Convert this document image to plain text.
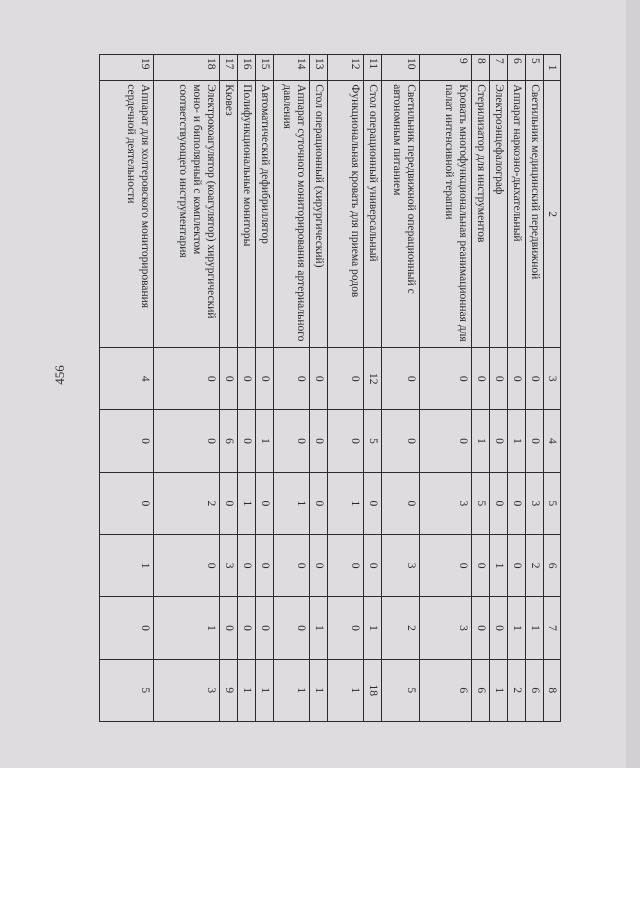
456
1	2	3	4	5	6	7	8
5	Светильник медицинский передвижной	0	0	3	2	1	6
6	Аппарат наркозно-дыхательный	0	1	0	0	1	2
7	Электроэнцефалограф	0	0	0	1	0	1
8	Стерилизатор для инструментов	0	1	5	0	0	6
9	Кровать многофункциональная реанимационная для палат интенсивной терапии	0	0	3	0	3	6
10	Светильник передвижной операционный с автономным питанием	0	0	0	3	2	5
11	Стол операционный универсальный	12	5	0	0	1	18
12	Функциональная кровать для приема родов	0	0	1	0	0	1
13	Стол операционный (хирургический)	0	0	0	0	1	1
14	Аппарат суточного мониторирования артериального давления	0	0	1	0	0	1
15	Автоматический дефибриллятор	0	1	0	0	0	1
16	Полифункциональные мониторы	0	0	1	0	0	1
17	Кювез	0	6	0	3	0	9
18	Электрокоагулятор (коагулятор) хирургический моно- и биполярный с комплектом соответствующего инструментария	0	0	2	0	1	3
19	Аппарат для холтеровского мониторирования сердечной деятельности	4	0	0	1	0	5
